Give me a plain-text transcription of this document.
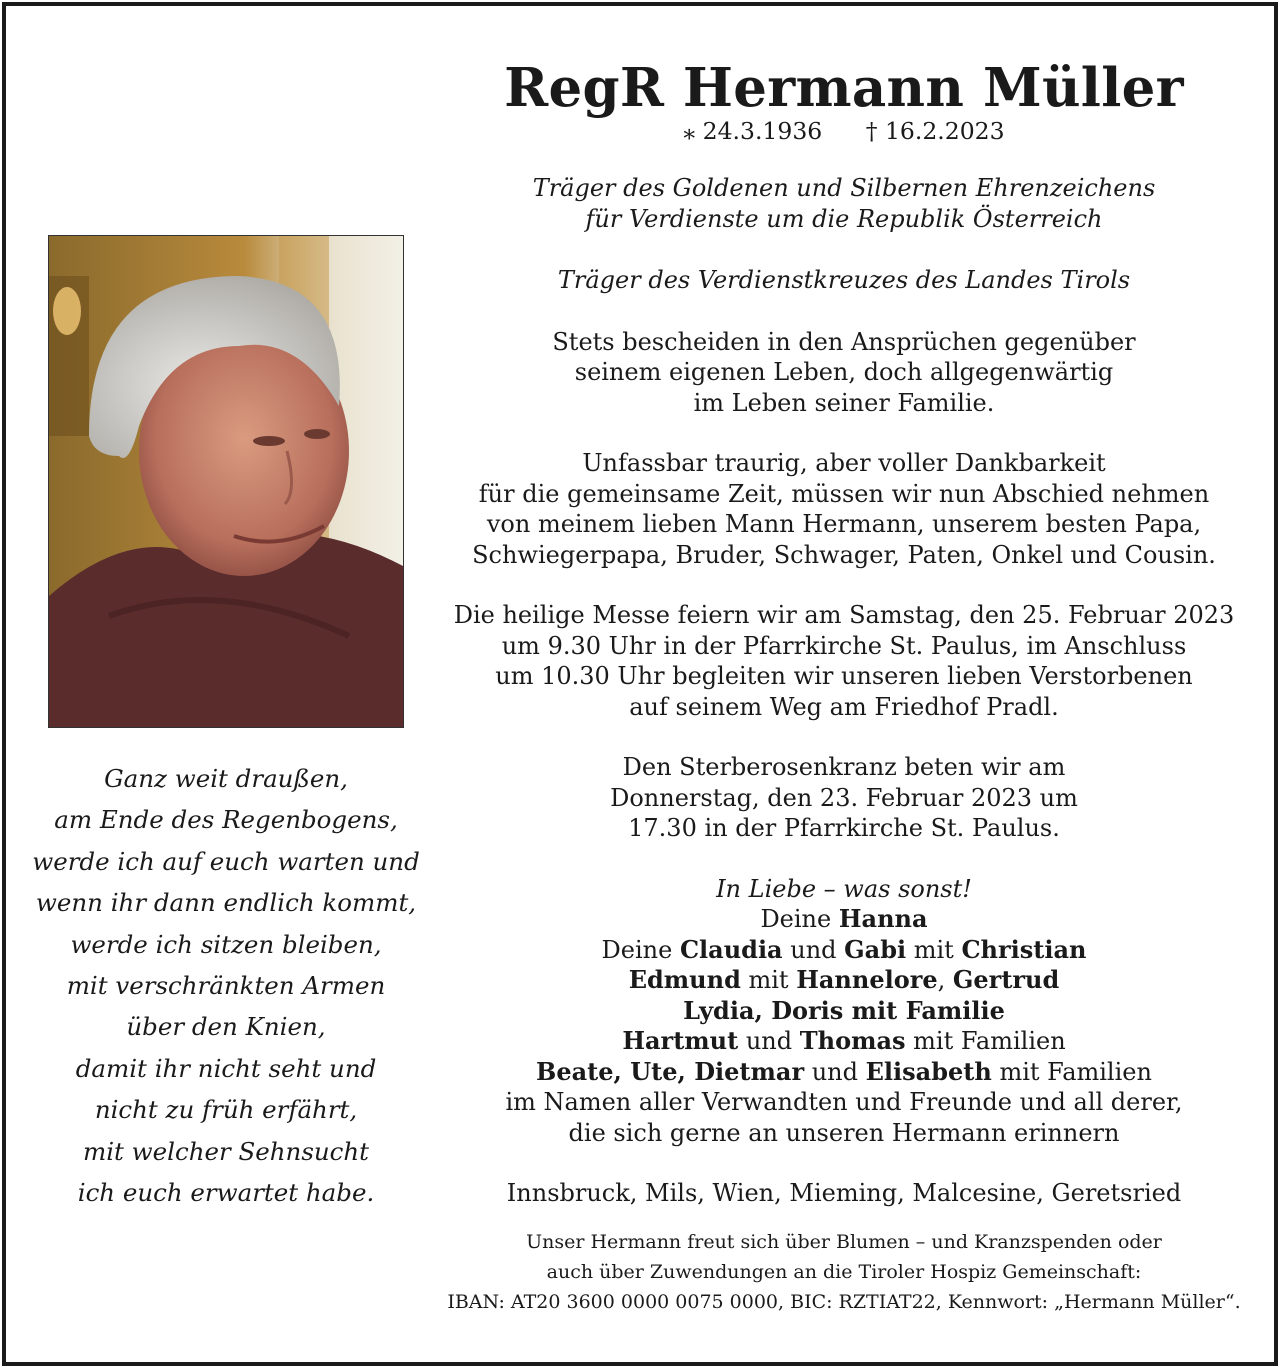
Ganz weit draußen,
am Ende des Regenbogens,
werde ich auf euch warten und
wenn ihr dann endlich kommt,
werde ich sitzen bleiben,
mit verschränkten Armen
über den Knien,
damit ihr nicht seht und
nicht zu früh erfährt,
mit welcher Sehnsucht
ich euch erwartet habe.
RegR Hermann Müller
⁎ 24.3.1936 † 16.2.2023
Träger des Goldenen und Silbernen Ehrenzeichens
für Verdienste um die Republik Österreich
Träger des Verdienstkreuzes des Landes Tirols
Stets bescheiden in den Ansprüchen gegenüber
seinem eigenen Leben, doch allgegenwärtig
im Leben seiner Familie.
Unfassbar traurig, aber voller Dankbarkeit
für die gemeinsame Zeit, müssen wir nun Abschied nehmen
von meinem lieben Mann Hermann, unserem besten Papa,
Schwiegerpapa, Bruder, Schwager, Paten, Onkel und Cousin.
Die heilige Messe feiern wir am Samstag, den 25. Februar 2023
um 9.30 Uhr in der Pfarrkirche St. Paulus, im Anschluss
um 10.30 Uhr begleiten wir unseren lieben Verstorbenen
auf seinem Weg am Friedhof Pradl.
Den Sterberosenkranz beten wir am
Donnerstag, den 23. Februar 2023 um
17.30 in der Pfarrkirche St. Paulus.
In Liebe – was sonst!
Deine Hanna
Deine Claudia und Gabi mit Christian
Edmund mit Hannelore, Gertrud
Lydia, Doris mit Familie
Hartmut und Thomas mit Familien
Beate, Ute, Dietmar und Elisabeth mit Familien
im Namen aller Verwandten und Freunde und all derer,
die sich gerne an unseren Hermann erinnern
Innsbruck, Mils, Wien, Mieming, Malcesine, Geretsried
Unser Hermann freut sich über Blumen – und Kranzspenden oder
auch über Zuwendungen an die Tiroler Hospiz Gemeinschaft:
IBAN: AT20 3600 0000 0075 0000, BIC: RZTIAT22, Kennwort: „Hermann Müller“.
